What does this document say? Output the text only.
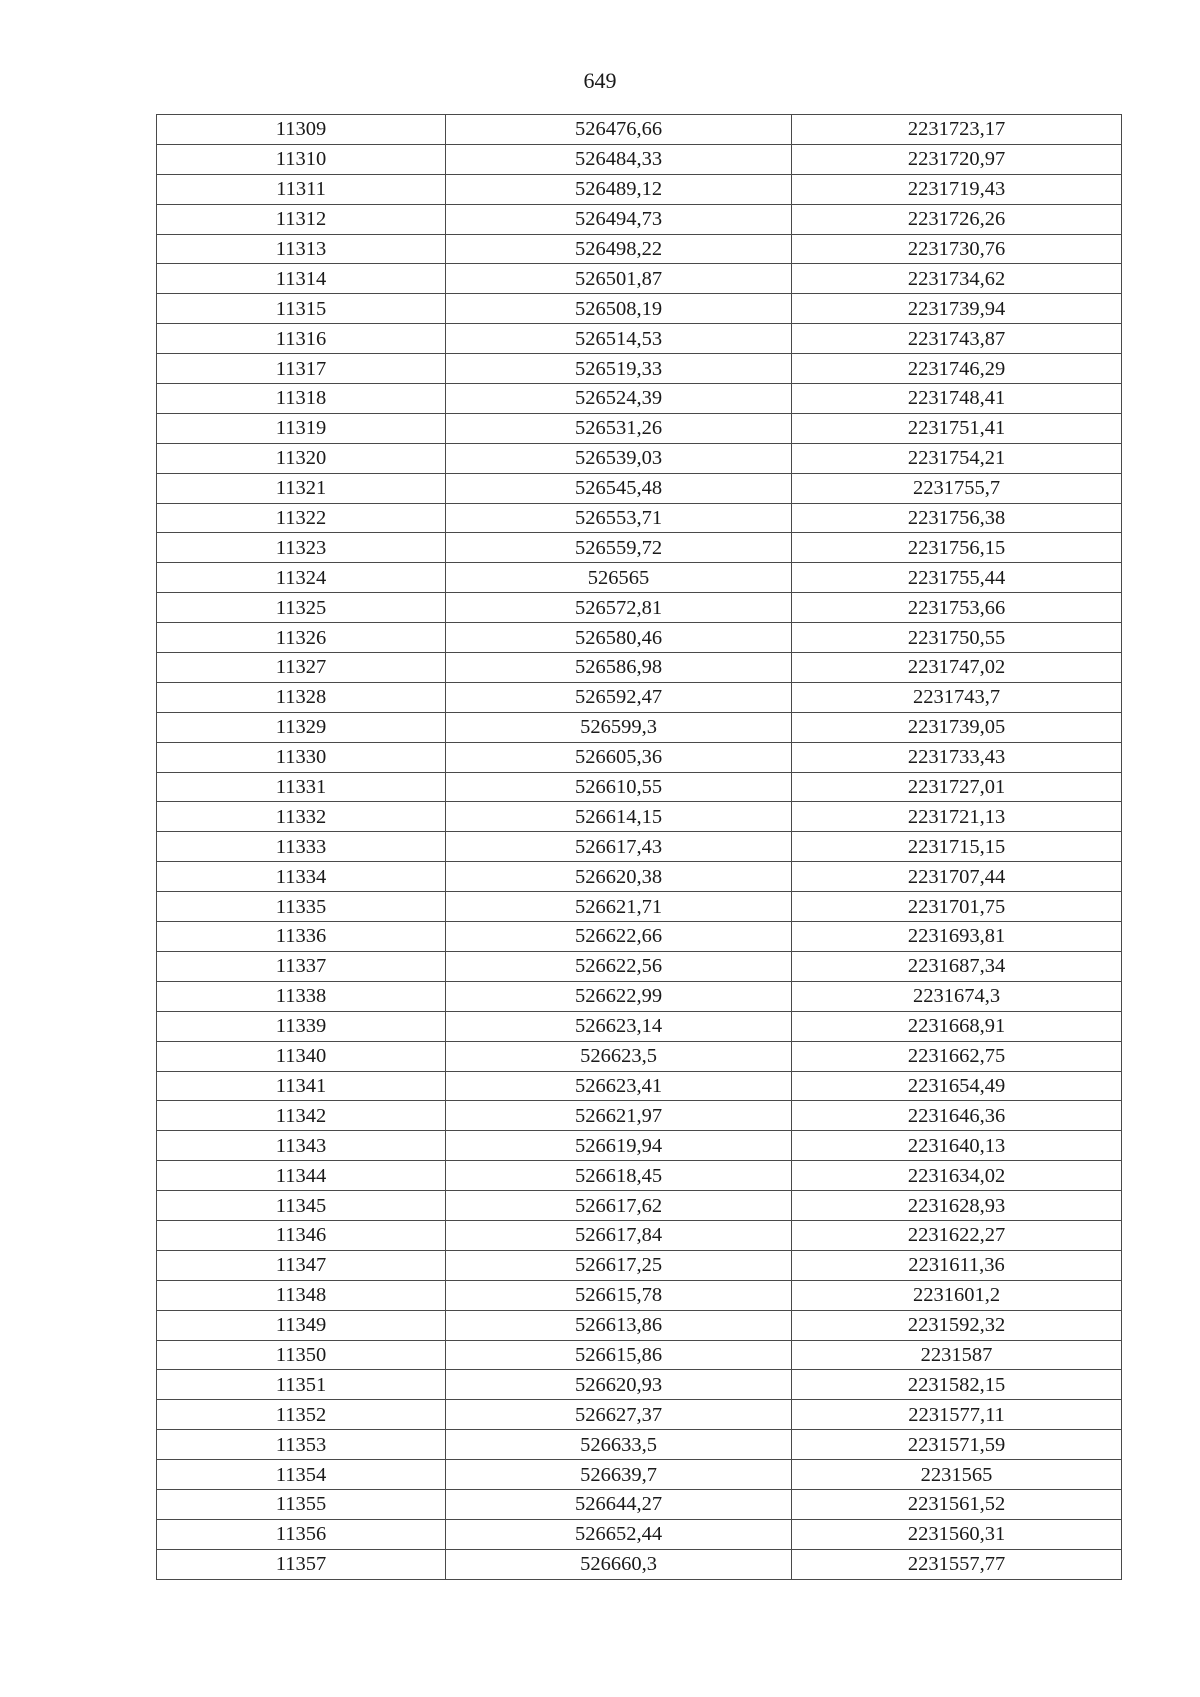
649
11309	526476,66	2231723,17
11310	526484,33	2231720,97
11311	526489,12	2231719,43
11312	526494,73	2231726,26
11313	526498,22	2231730,76
11314	526501,87	2231734,62
11315	526508,19	2231739,94
11316	526514,53	2231743,87
11317	526519,33	2231746,29
11318	526524,39	2231748,41
11319	526531,26	2231751,41
11320	526539,03	2231754,21
11321	526545,48	2231755,7
11322	526553,71	2231756,38
11323	526559,72	2231756,15
11324	526565	2231755,44
11325	526572,81	2231753,66
11326	526580,46	2231750,55
11327	526586,98	2231747,02
11328	526592,47	2231743,7
11329	526599,3	2231739,05
11330	526605,36	2231733,43
11331	526610,55	2231727,01
11332	526614,15	2231721,13
11333	526617,43	2231715,15
11334	526620,38	2231707,44
11335	526621,71	2231701,75
11336	526622,66	2231693,81
11337	526622,56	2231687,34
11338	526622,99	2231674,3
11339	526623,14	2231668,91
11340	526623,5	2231662,75
11341	526623,41	2231654,49
11342	526621,97	2231646,36
11343	526619,94	2231640,13
11344	526618,45	2231634,02
11345	526617,62	2231628,93
11346	526617,84	2231622,27
11347	526617,25	2231611,36
11348	526615,78	2231601,2
11349	526613,86	2231592,32
11350	526615,86	2231587
11351	526620,93	2231582,15
11352	526627,37	2231577,11
11353	526633,5	2231571,59
11354	526639,7	2231565
11355	526644,27	2231561,52
11356	526652,44	2231560,31
11357	526660,3	2231557,77
